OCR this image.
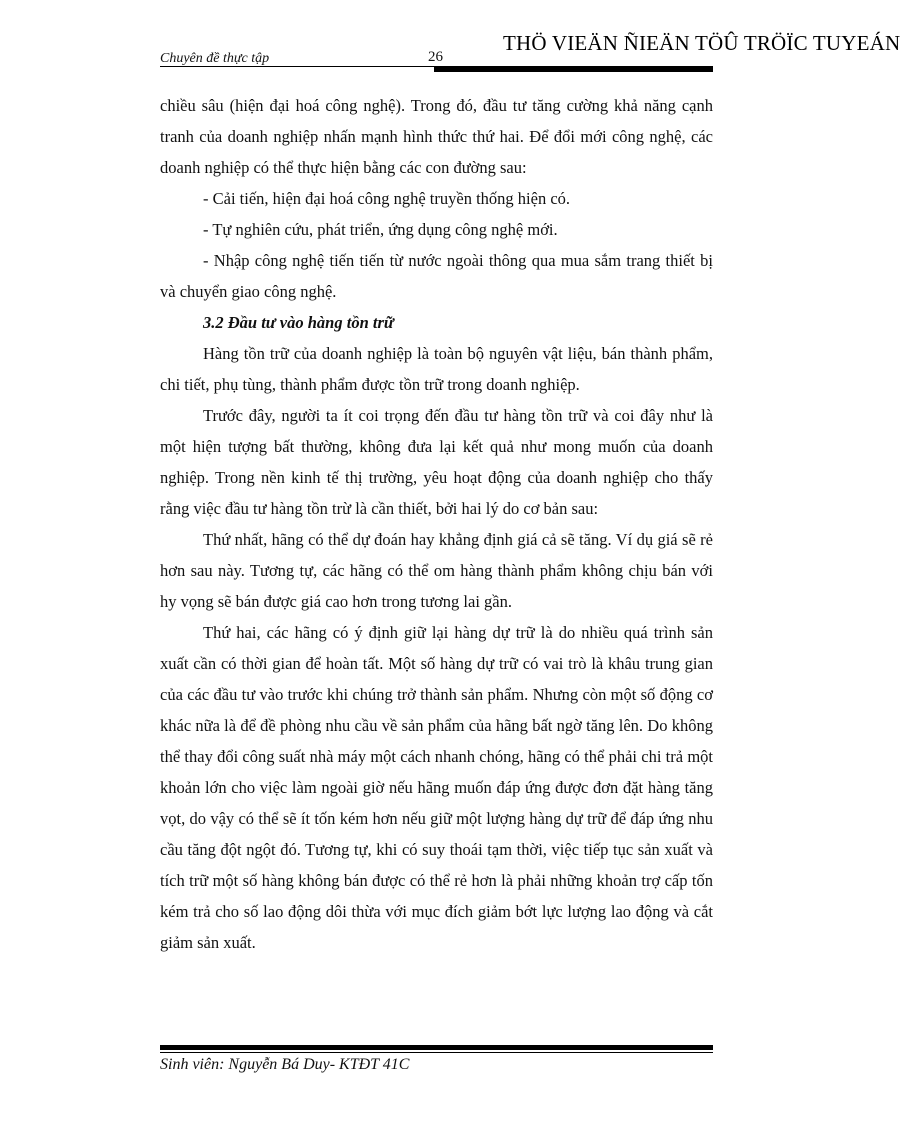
Chuyên đề thực tập	26
THÖ VIEÄN ÑIEÄN TÖÛ TRÖÏC TUYEÁN

chiều sâu (hiện đại hoá công nghệ). Trong đó, đầu tư tăng cường khả năng cạnh tranh của doanh nghiệp nhấn mạnh hình thức thứ hai. Để đổi mới công nghệ, các doanh nghiệp có thể thực hiện bằng các con đường sau:

- Cải tiến, hiện đại hoá công nghệ truyền thống hiện có.

- Tự nghiên cứu, phát triển, ứng dụng công nghệ mới.

- Nhập công nghệ tiến tiến từ nước ngoài thông qua mua sắm trang thiết bị và chuyển giao công nghệ.

3.2 Đầu tư vào hàng tồn trữ

Hàng tồn trữ của doanh nghiệp là toàn bộ nguyên vật liệu, bán thành phẩm, chi tiết, phụ tùng, thành phẩm được tồn trữ trong doanh nghiệp.

Trước đây, người ta ít coi trọng đến đầu tư hàng tồn trữ và coi đây như là một hiện tượng bất thường, không đưa lại kết quả như mong muốn của doanh nghiệp. Trong nền kinh tế thị trường, yêu hoạt động của doanh nghiệp cho thấy rằng việc đầu tư hàng tồn trừ là cần thiết, bởi hai lý do cơ bản sau:

Thứ nhất, hãng có thể dự đoán hay khẳng định giá cả sẽ tăng. Ví dụ giá sẽ rẻ hơn sau này. Tương tự, các hãng có thể om hàng thành phẩm không chịu bán với hy vọng sẽ bán được giá cao hơn trong tương lai gần.

Thứ hai, các hãng có ý định giữ lại hàng dự trữ là do nhiều quá trình sản xuất cần có thời gian để hoàn tất. Một số hàng dự trữ có vai trò là khâu trung gian của các đầu tư vào trước khi chúng trở thành sản phẩm. Nhưng còn một số động cơ khác nữa là để đề phòng nhu cầu về sản phẩm của hãng bất ngờ tăng lên. Do không thể thay đổi công suất nhà máy một cách nhanh chóng, hãng có thể phải chi trả một khoản lớn cho việc làm ngoài giờ nếu hãng muốn đáp ứng được đơn đặt hàng tăng vọt, do vậy có thể sẽ ít tốn kém hơn nếu giữ một lượng hàng dự trữ để đáp ứng nhu cầu tăng đột ngột đó. Tương tự, khi có suy thoái tạm thời, việc tiếp tục sản xuất và tích trữ một số hàng không bán được có thể rẻ hơn là phải những khoản trợ cấp tốn kém trả cho số lao động dôi thừa với mục đích giảm bớt lực lượng lao động và cắt giảm sản xuất.

Sinh viên: Nguyễn Bá Duy- KTĐT 41C
